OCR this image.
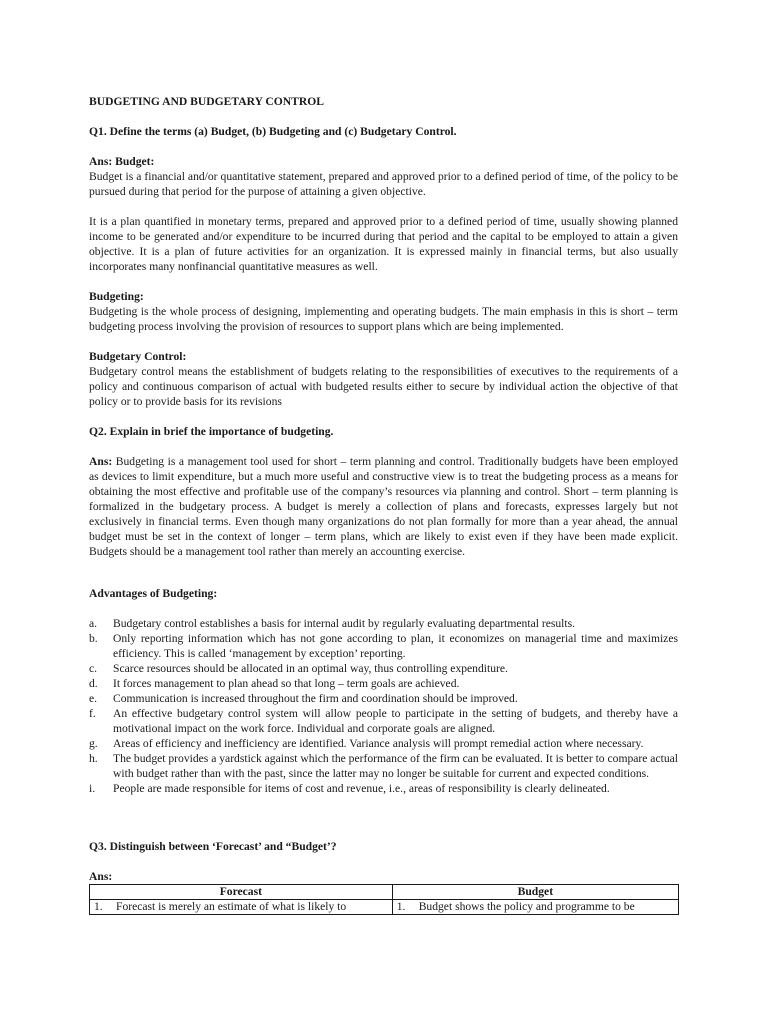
BUDGETING AND BUDGETARY CONTROL

Q1. Define the terms (a) Budget, (b) Budgeting and (c) Budgetary Control.

Ans: Budget:

Budget is a financial and/or quantitative statement, prepared and approved prior to a defined period of time, of the policy to be pursued during that period for the purpose of attaining a given objective.

It is a plan quantified in monetary terms, prepared and approved prior to a defined period of time, usually showing planned income to be generated and/or expenditure to be incurred during that period and the capital to be employed to attain a given objective. It is a plan of future activities for an organization. It is expressed mainly in financial terms, but also usually incorporates many nonfinancial quantitative measures as well.

Budgeting:

Budgeting is the whole process of designing, implementing and operating budgets. The main emphasis in this is short – term budgeting process involving the provision of resources to support plans which are being implemented.

Budgetary Control:

Budgetary control means the establishment of budgets relating to the responsibilities of executives to the requirements of a policy and continuous comparison of actual with budgeted results either to secure by individual action the objective of that policy or to provide basis for its revisions

Q2. Explain in brief the importance of budgeting.

Ans: Budgeting is a management tool used for short – term planning and control. Traditionally budgets have been employed as devices to limit expenditure, but a much more useful and constructive view is to treat the budgeting process as a means for obtaining the most effective and profitable use of the company’s resources via planning and control. Short – term planning is formalized in the budgetary process. A budget is merely a collection of plans and forecasts, expresses largely but not exclusively in financial terms. Even though many organizations do not plan formally for more than a year ahead, the annual budget must be set in the context of longer – term plans, which are likely to exist even if they have been made explicit. Budgets should be a management tool rather than merely an accounting exercise.

Advantages of Budgeting:

a. Budgetary control establishes a basis for internal audit by regularly evaluating departmental results.
b. Only reporting information which has not gone according to plan, it economizes on managerial time and maximizes efficiency. This is called ‘management by exception’ reporting.
c. Scarce resources should be allocated in an optimal way, thus controlling expenditure.
d. It forces management to plan ahead so that long – term goals are achieved.
e. Communication is increased throughout the firm and coordination should be improved.
f. An effective budgetary control system will allow people to participate in the setting of budgets, and thereby have a motivational impact on the work force. Individual and corporate goals are aligned.
g. Areas of efficiency and inefficiency are identified. Variance analysis will prompt remedial action where necessary.
h. The budget provides a yardstick against which the performance of the firm can be evaluated. It is better to compare actual with budget rather than with the past, since the latter may no longer be suitable for current and expected conditions.
i. People are made responsible for items of cost and revenue, i.e., areas of responsibility is clearly delineated.

Q3. Distinguish between ‘Forecast’ and “Budget’?

Ans:

Forecast	Budget
1. Forecast is merely an estimate of what is likely to	1. Budget shows the policy and programme to be
